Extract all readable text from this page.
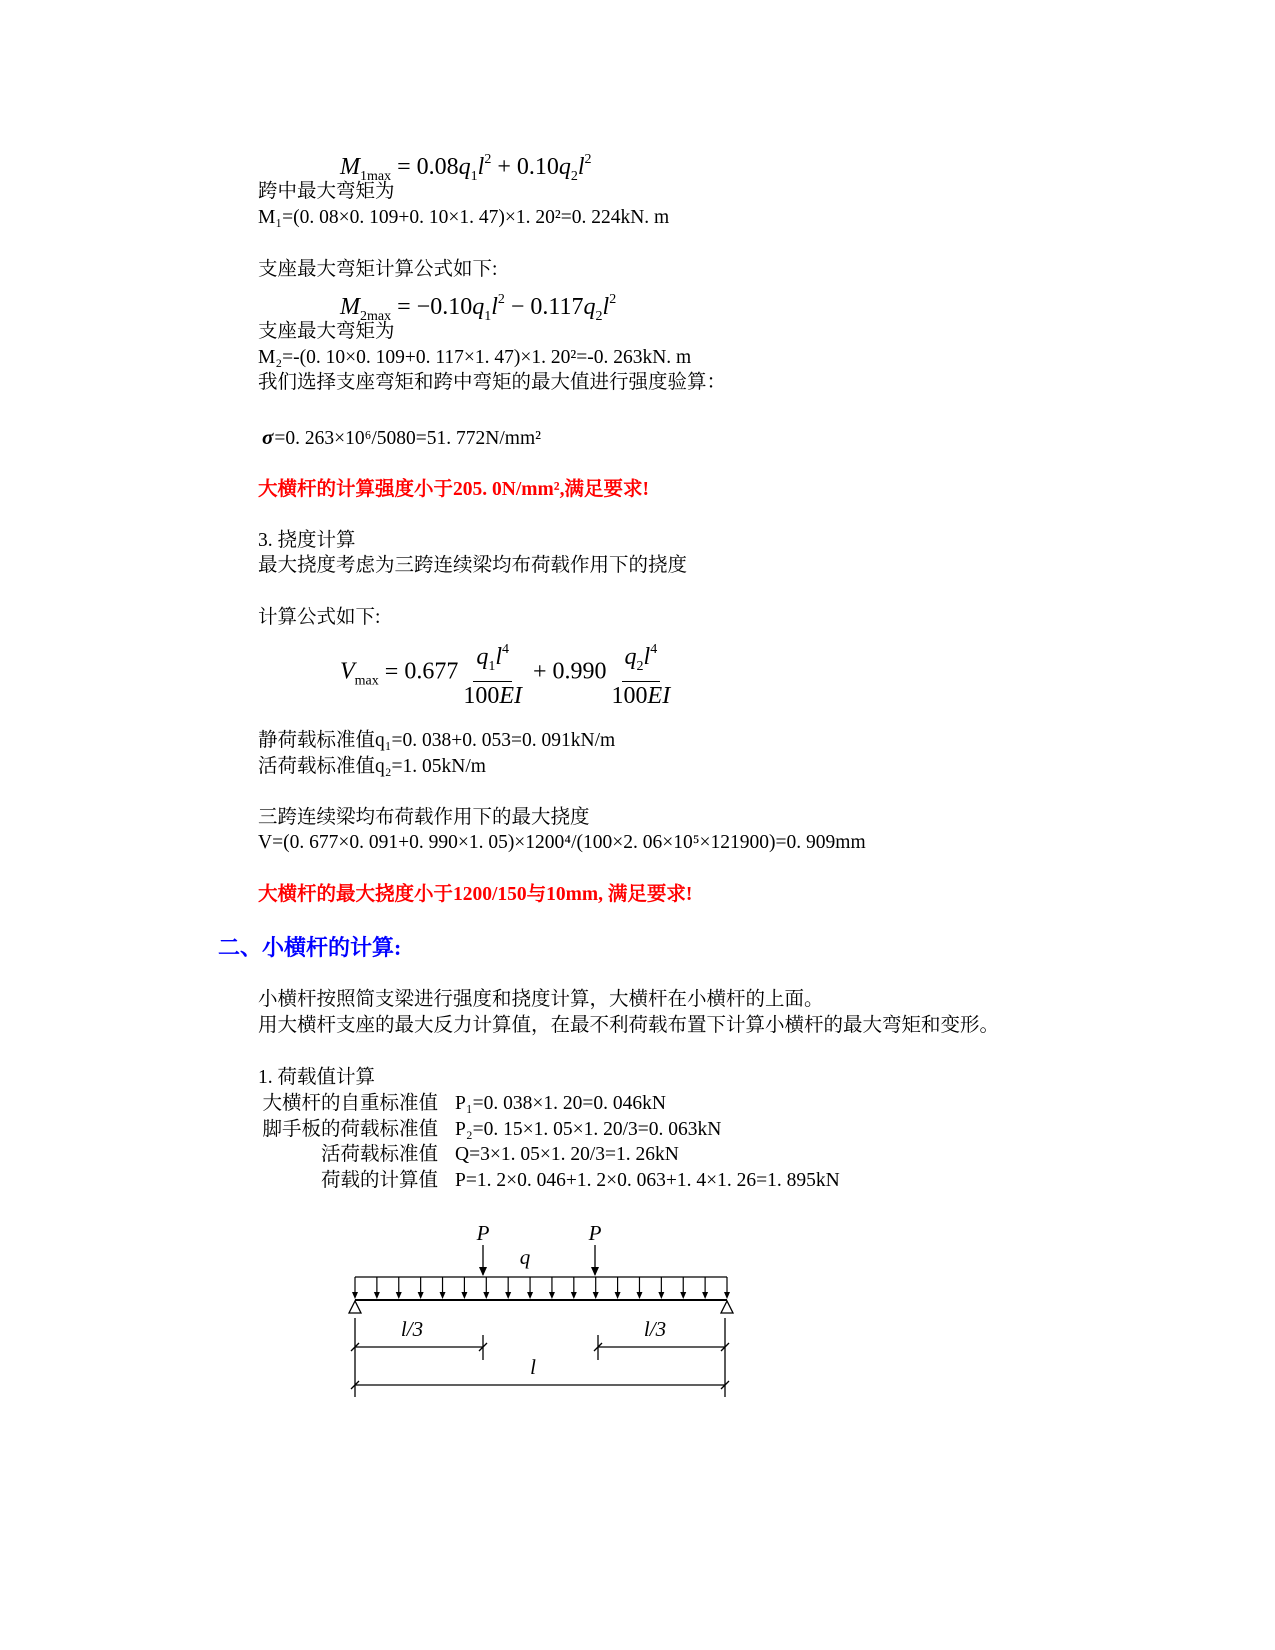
$M_{1max} = 0.08q_1l^2 + 0.10q_2l^2$
跨中最大弯矩为
M₁=(0. 08×0. 109+0. 10×1. 47)×1. 20²=0. 224kN. m
支座最大弯矩计算公式如下:
$M_{2max} = -0.10q_1l^2 - 0.117q_2l^2$
支座最大弯矩为
M₂=-(0. 10×0. 109+0. 117×1. 47)×1. 20²=-0. 263kN. m
我们选择支座弯矩和跨中弯矩的最大值进行强度验算：
σ=0. 263×10⁶/5080=51. 772N/mm²
大横杆的计算强度小于205. 0N/mm²,满足要求!
3. 挠度计算
最大挠度考虑为三跨连续梁均布荷载作用下的挠度
计算公式如下:
$V_{max} = 0.677 \frac{q_1l^4}{100EI} + 0.990 \frac{q_2l^4}{100EI}$
静荷载标准值q₁=0. 038+0. 053=0. 091kN/m
活荷载标准值q₂=1. 05kN/m
三跨连续梁均布荷载作用下的最大挠度
V=(0. 677×0. 091+0. 990×1. 05)×1200⁴/(100×2. 06×10⁵×121900)=0. 909mm
大横杆的最大挠度小于1200/150与10mm, 满足要求!
二、小横杆的计算:
小横杆按照简支梁进行强度和挠度计算，大横杆在小横杆的上面。
用大横杆支座的最大反力计算值，在最不利荷载布置下计算小横杆的最大弯矩和变形。
1. 荷载值计算
大横杆的自重标准值 P₁=0. 038×1. 20=0. 046kN
脚手板的荷载标准值 P₂=0. 15×1. 05×1. 20/3=0. 063kN
活荷载标准值 Q=3×1. 05×1. 20/3=1. 26kN
荷载的计算值 P=1. 2×0. 046+1. 2×0. 063+1. 4×1. 26=1. 895kN
P	P
q
l/3	l/3
l
